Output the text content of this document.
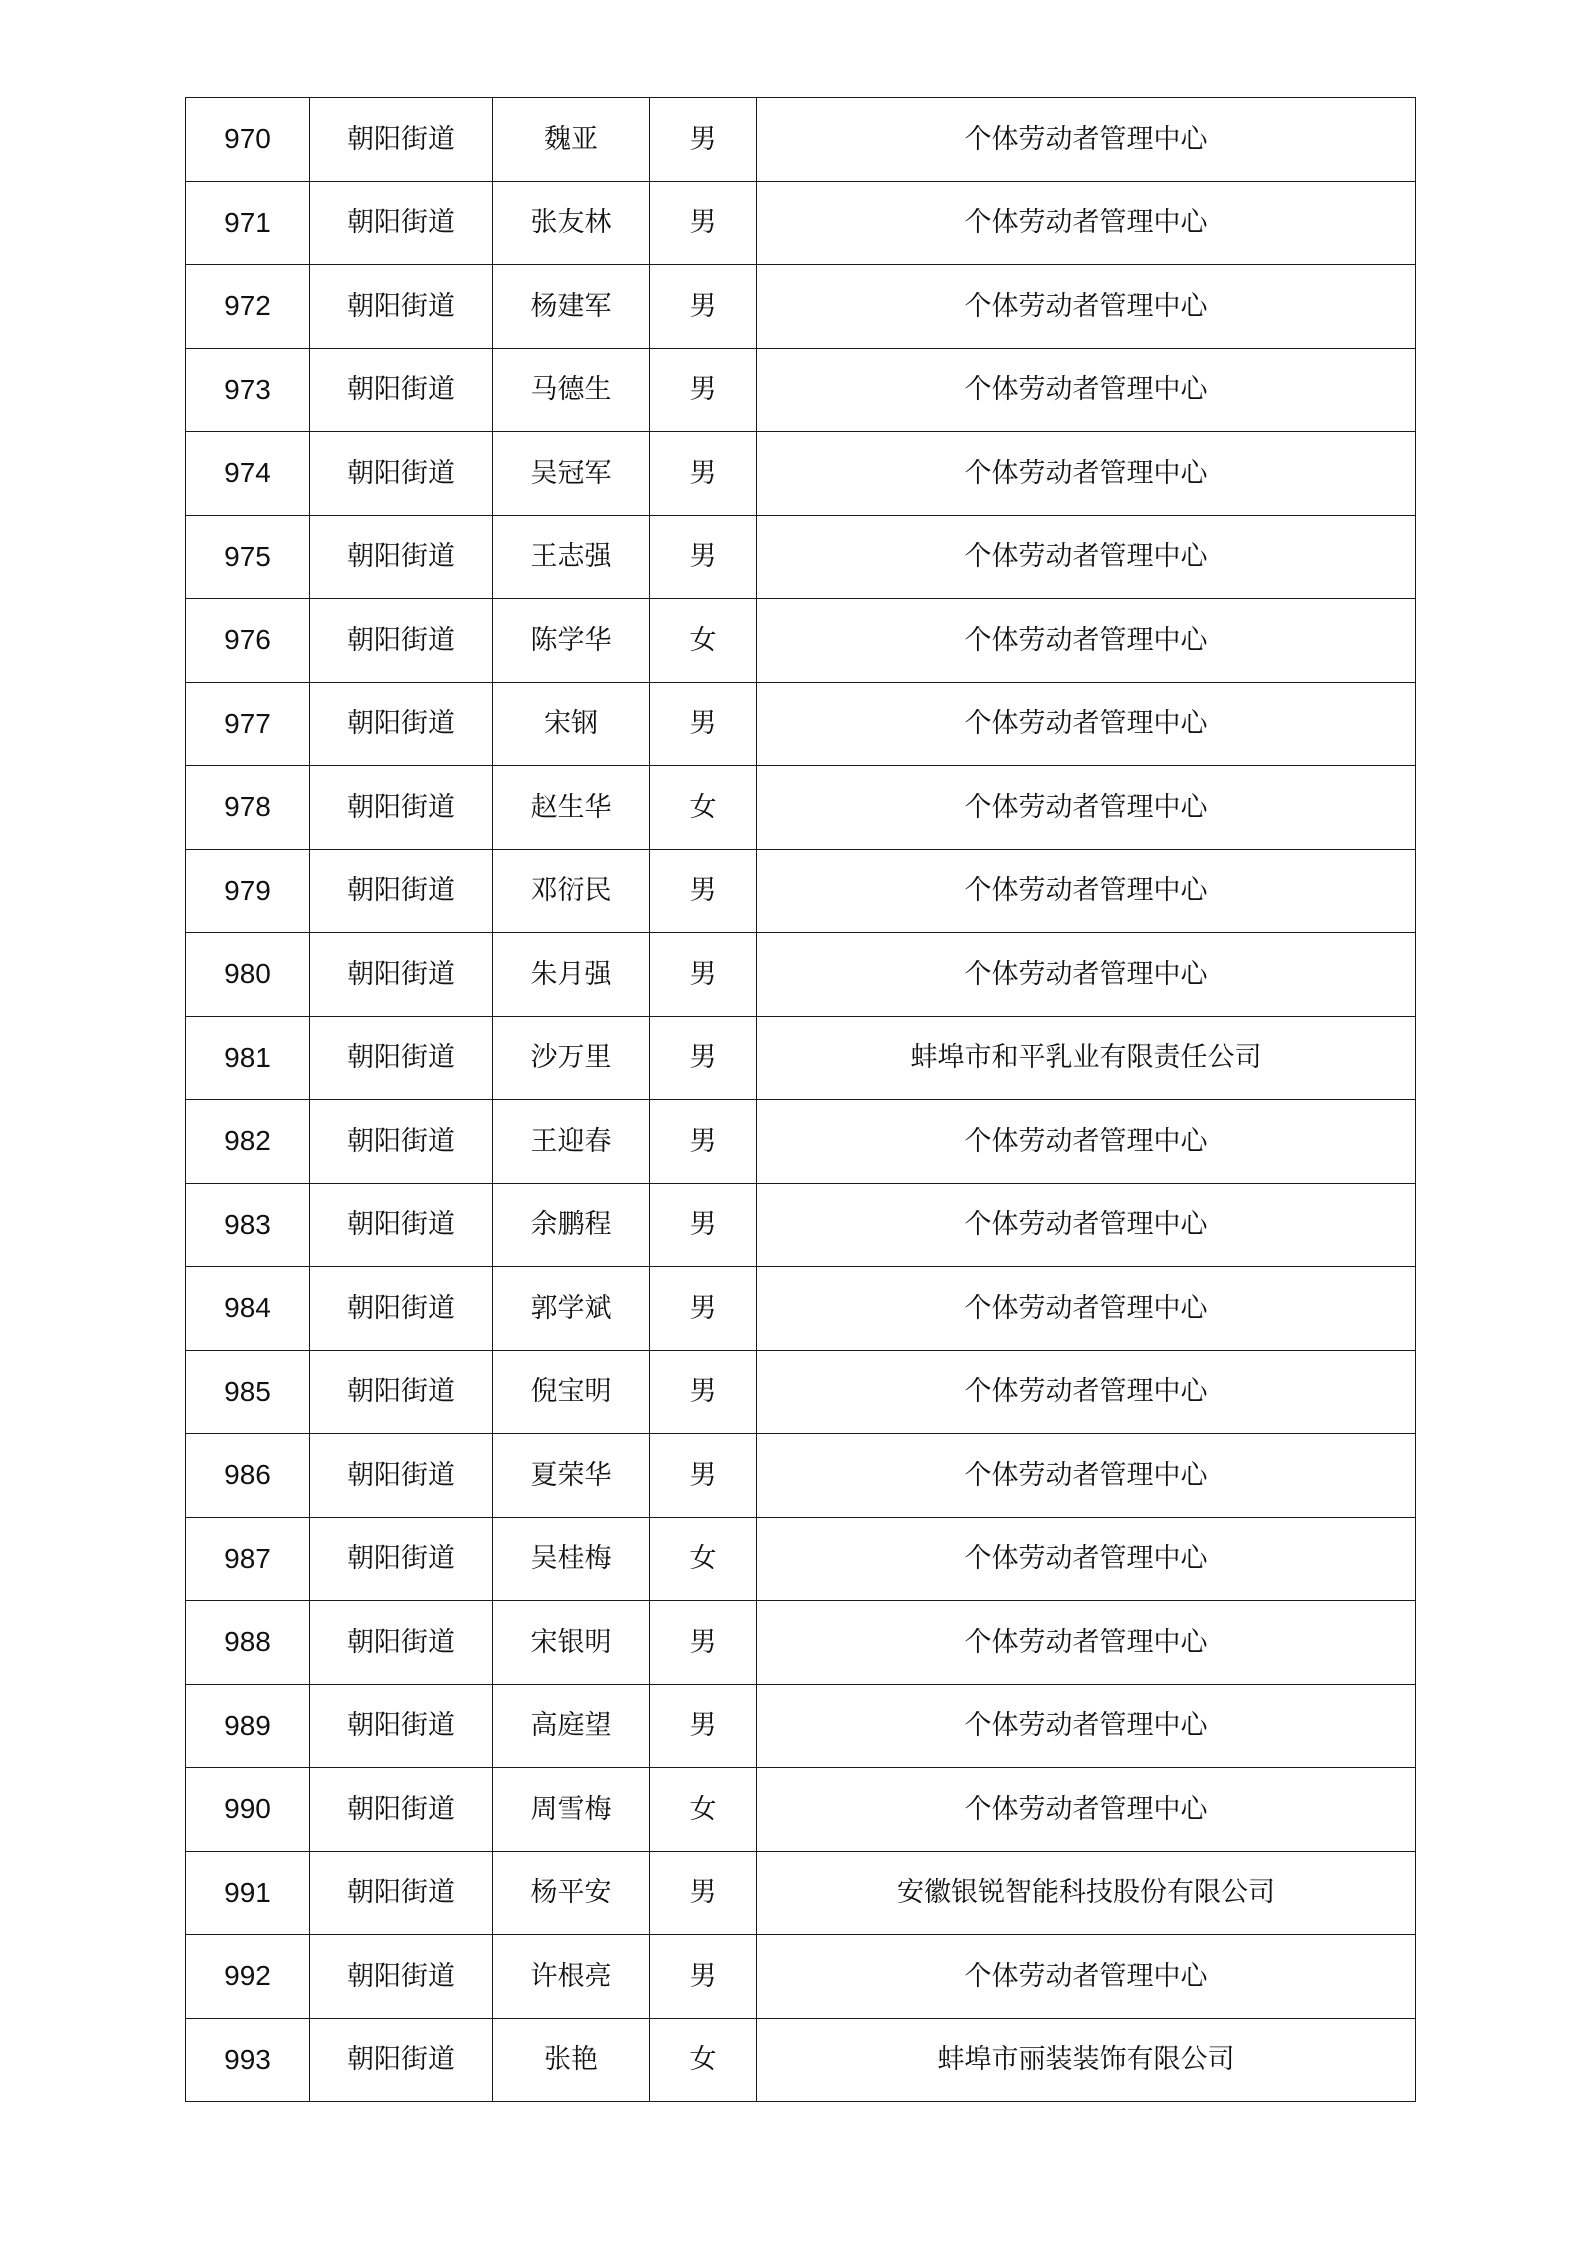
970	朝阳街道	魏亚	男	个体劳动者管理中心
971	朝阳街道	张友林	男	个体劳动者管理中心
972	朝阳街道	杨建军	男	个体劳动者管理中心
973	朝阳街道	马德生	男	个体劳动者管理中心
974	朝阳街道	吴冠军	男	个体劳动者管理中心
975	朝阳街道	王志强	男	个体劳动者管理中心
976	朝阳街道	陈学华	女	个体劳动者管理中心
977	朝阳街道	宋钢	男	个体劳动者管理中心
978	朝阳街道	赵生华	女	个体劳动者管理中心
979	朝阳街道	邓衍民	男	个体劳动者管理中心
980	朝阳街道	朱月强	男	个体劳动者管理中心
981	朝阳街道	沙万里	男	蚌埠市和平乳业有限责任公司
982	朝阳街道	王迎春	男	个体劳动者管理中心
983	朝阳街道	余鹏程	男	个体劳动者管理中心
984	朝阳街道	郭学斌	男	个体劳动者管理中心
985	朝阳街道	倪宝明	男	个体劳动者管理中心
986	朝阳街道	夏荣华	男	个体劳动者管理中心
987	朝阳街道	吴桂梅	女	个体劳动者管理中心
988	朝阳街道	宋银明	男	个体劳动者管理中心
989	朝阳街道	高庭望	男	个体劳动者管理中心
990	朝阳街道	周雪梅	女	个体劳动者管理中心
991	朝阳街道	杨平安	男	安徽银锐智能科技股份有限公司
992	朝阳街道	许根亮	男	个体劳动者管理中心
993	朝阳街道	张艳	女	蚌埠市丽装装饰有限公司
